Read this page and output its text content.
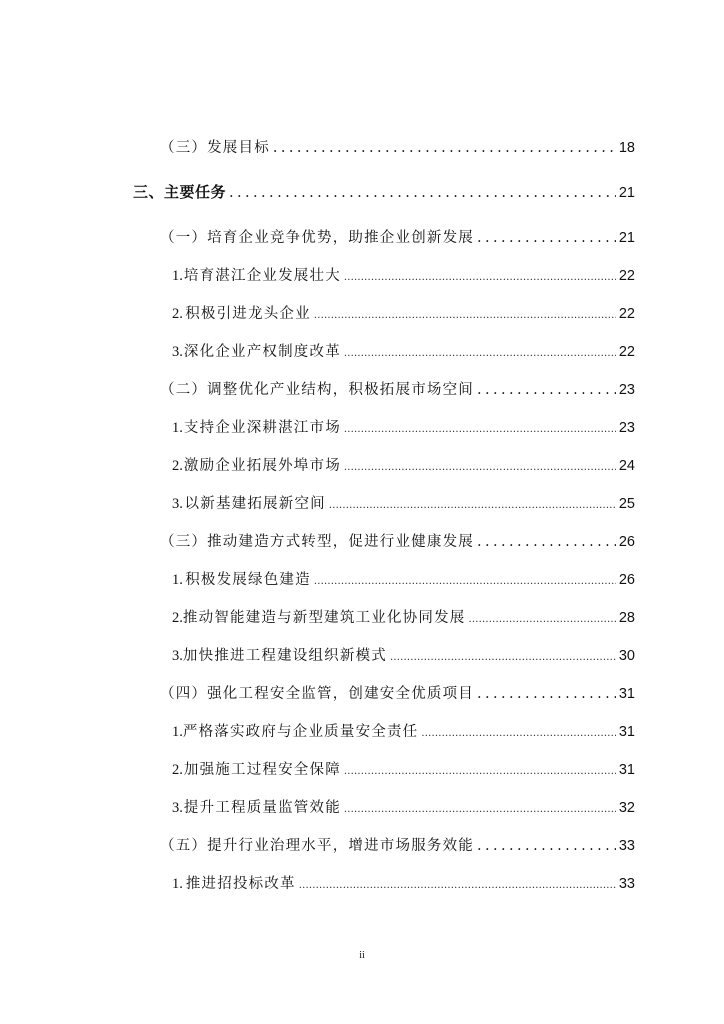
（三）发展目标 .....	18
三、主要任务 .....	21
（一）培育企业竞争优势，助推企业创新发展 .....	21
1. 培育湛江企业发展壮大 .....	22
2. 积极引进龙头企业 .....	22
3. 深化企业产权制度改革 .....	22
（二）调整优化产业结构，积极拓展市场空间 .....	23
1. 支持企业深耕湛江市场 .....	23
2. 激励企业拓展外埠市场 .....	24
3. 以新基建拓展新空间 .....	25
（三）推动建造方式转型，促进行业健康发展 .....	26
1. 积极发展绿色建造 .....	26
2. 推动智能建造与新型建筑工业化协同发展 .....	28
3. 加快推进工程建设组织新模式 .....	30
（四）强化工程安全监管，创建安全优质项目 .....	31
1. 严格落实政府与企业质量安全责任 .....	31
2. 加强施工过程安全保障 .....	31
3. 提升工程质量监管效能 .....	32
（五）提升行业治理水平，增进市场服务效能 .....	33
1. 推进招投标改革 .....	33
ii
